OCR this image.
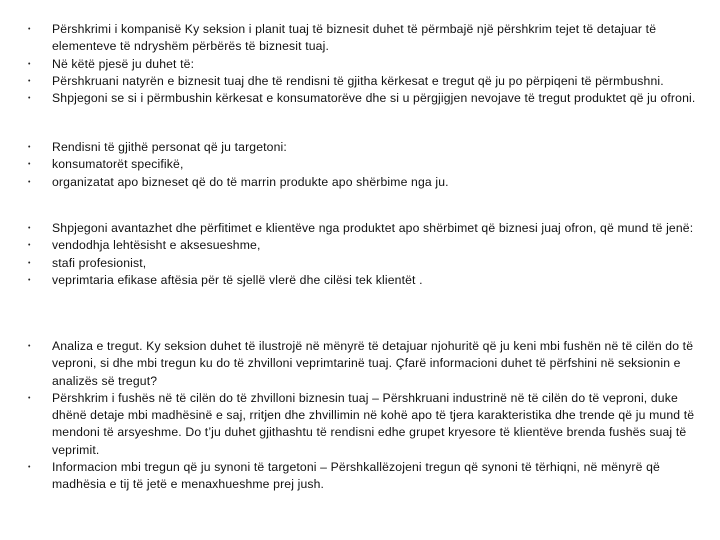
• Përshkrimi i kompanisë Ky seksion i planit tuaj të biznesit duhet të përmbajë një përshkrim tejet të detajuar të elementeve të ndryshëm përbërës të biznesit tuaj.
• Në këtë pjesë ju duhet të:
• Përshkruani natyrën e biznesit tuaj dhe të rendisni të gjitha kërkesat e tregut që ju po përpiqeni të përmbushni.
• Shpjegoni se si i përmbushin kërkesat e konsumatorëve dhe si u përgjigjen nevojave të tregut produktet që ju ofroni.
• Rendisni të gjithë personat që ju targetoni:
• konsumatorët specifikë,
• organizatat apo bizneset që do të marrin produkte apo shërbime nga ju.
• Shpjegoni avantazhet dhe përfitimet e klientëve nga produktet apo shërbimet që biznesi juaj ofron, që mund të jenë:
• vendodhja lehtësisht e aksesueshme,
• stafi profesionist,
• veprimtaria efikase aftësia për të sjellë vlerë dhe cilësi tek klientët .
• Analiza e tregut. Ky seksion duhet të ilustrojë në mënyrë të detajuar njohuritë që ju keni mbi fushën në të cilën do të veproni, si dhe mbi tregun ku do të zhvilloni veprimtarinë tuaj. Çfarë informacioni duhet të përfshini në seksionin e analizës së tregut?
• Përshkrim i fushës në të cilën do të zhvilloni biznesin tuaj – Përshkruani industrinë në të cilën do të veproni, duke dhënë detaje mbi madhësinë e saj, rritjen dhe zhvillimin në kohë apo të tjera karakteristika dhe trende që ju mund të mendoni të arsyeshme. Do t’ju duhet gjithashtu të rendisni edhe grupet kryesore të klientëve brenda fushës suaj të veprimit.
• Informacion mbi tregun që ju synoni të targetoni – Përshkallëzojeni tregun që synoni të tërhiqni, në mënyrë që madhësia e tij të jetë e menaxhueshme prej jush.
